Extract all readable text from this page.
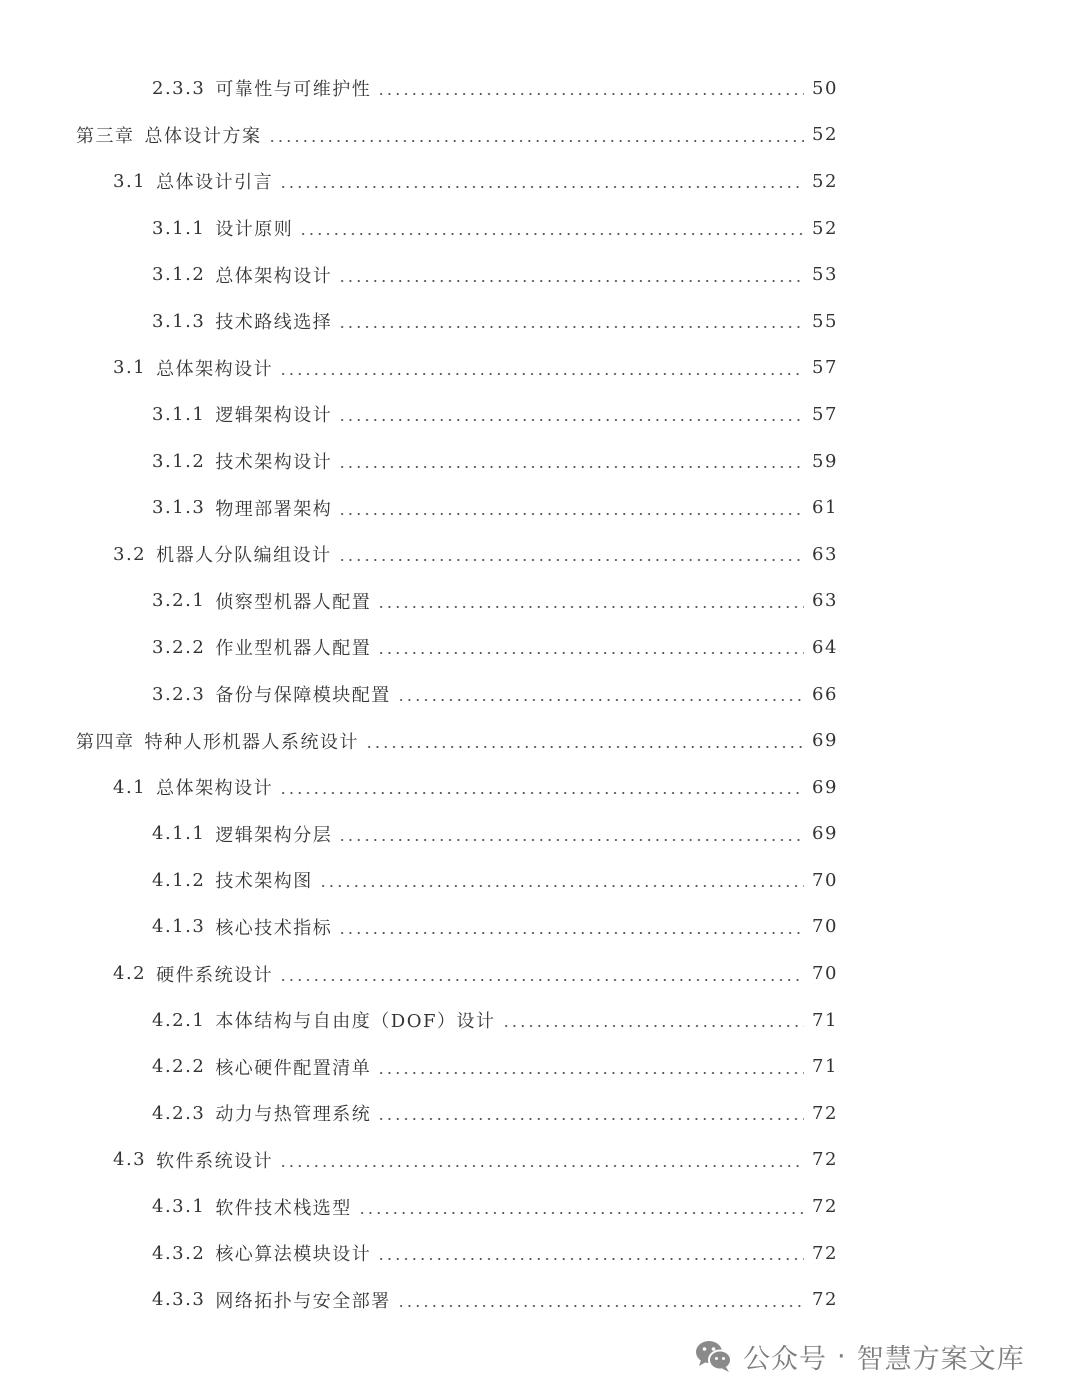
2.3.3 可靠性与可维护性	50
第三章 总体设计方案	52
3.1 总体设计引言	52
3.1.1 设计原则	52
3.1.2 总体架构设计	53
3.1.3 技术路线选择	55
3.1 总体架构设计	57
3.1.1 逻辑架构设计	57
3.1.2 技术架构设计	59
3.1.3 物理部署架构	61
3.2 机器人分队编组设计	63
3.2.1 侦察型机器人配置	63
3.2.2 作业型机器人配置	64
3.2.3 备份与保障模块配置	66
第四章 特种人形机器人系统设计	69
4.1 总体架构设计	69
4.1.1 逻辑架构分层	69
4.1.2 技术架构图	70
4.1.3 核心技术指标	70
4.2 硬件系统设计	70
4.2.1 本体结构与自由度（DOF）设计	71
4.2.2 核心硬件配置清单	71
4.2.3 动力与热管理系统	72
4.3 软件系统设计	72
4.3.1 软件技术栈选型	72
4.3.2 核心算法模块设计	72
4.3.3 网络拓扑与安全部署	72
公众号 · 智慧方案文库
